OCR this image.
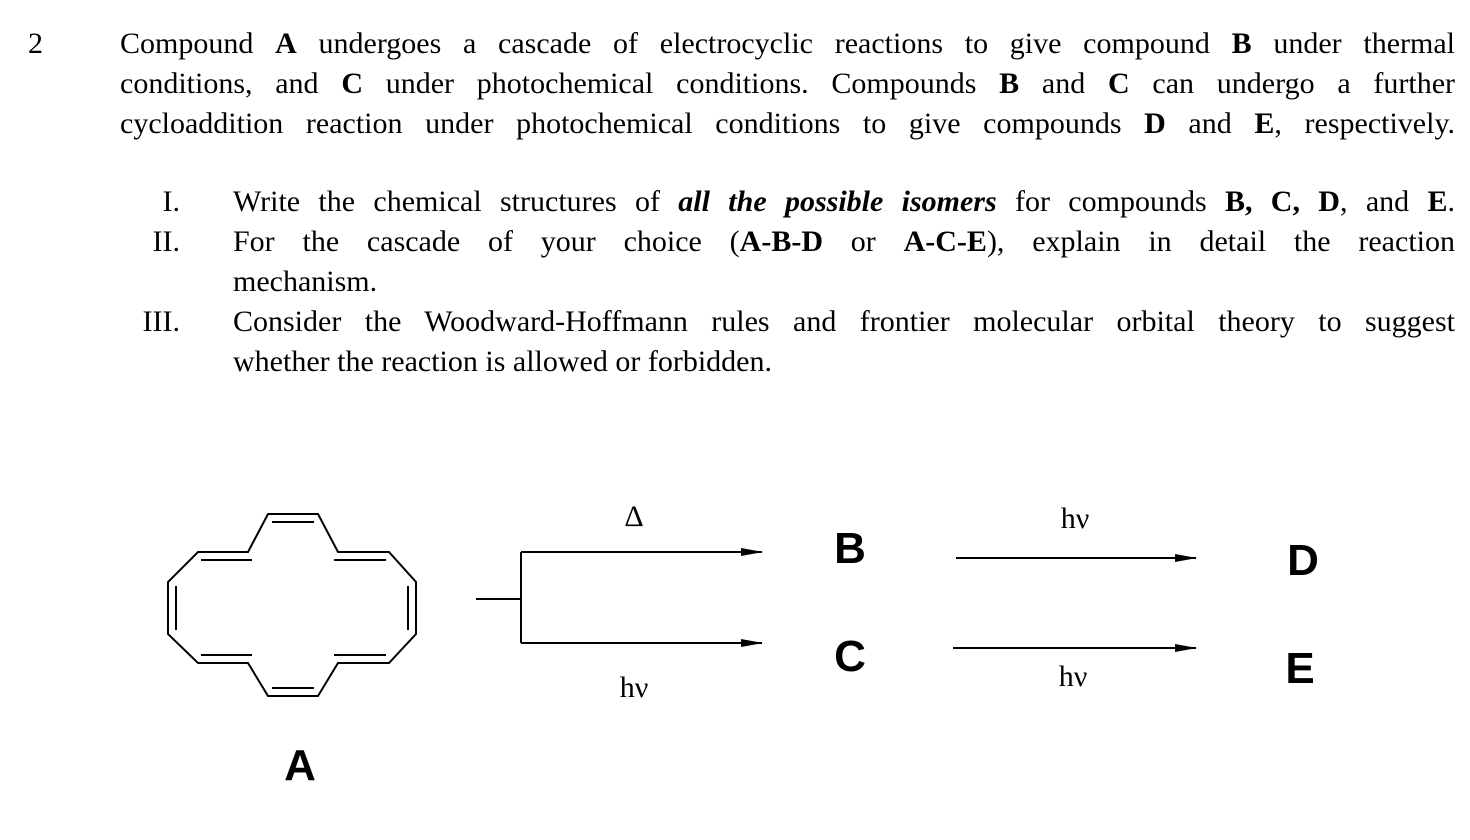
2	Compound A undergoes a cascade of electrocyclic reactions to give compound B under thermal
conditions, and C under photochemical conditions. Compounds B and C can undergo a further
cycloaddition reaction under photochemical conditions to give compounds D and E, respectively.
I. Write the chemical structures of all the possible isomers for compounds B, C, D, and E.
II. For the cascade of your choice (A-B-D or A-C-E), explain in detail the reaction
mechanism.
III. Consider the Woodward-Hoffmann rules and frontier molecular orbital theory to suggest
whether the reaction is allowed or forbidden.
Δ
hν
hν
hν
B
C
D
E
A
